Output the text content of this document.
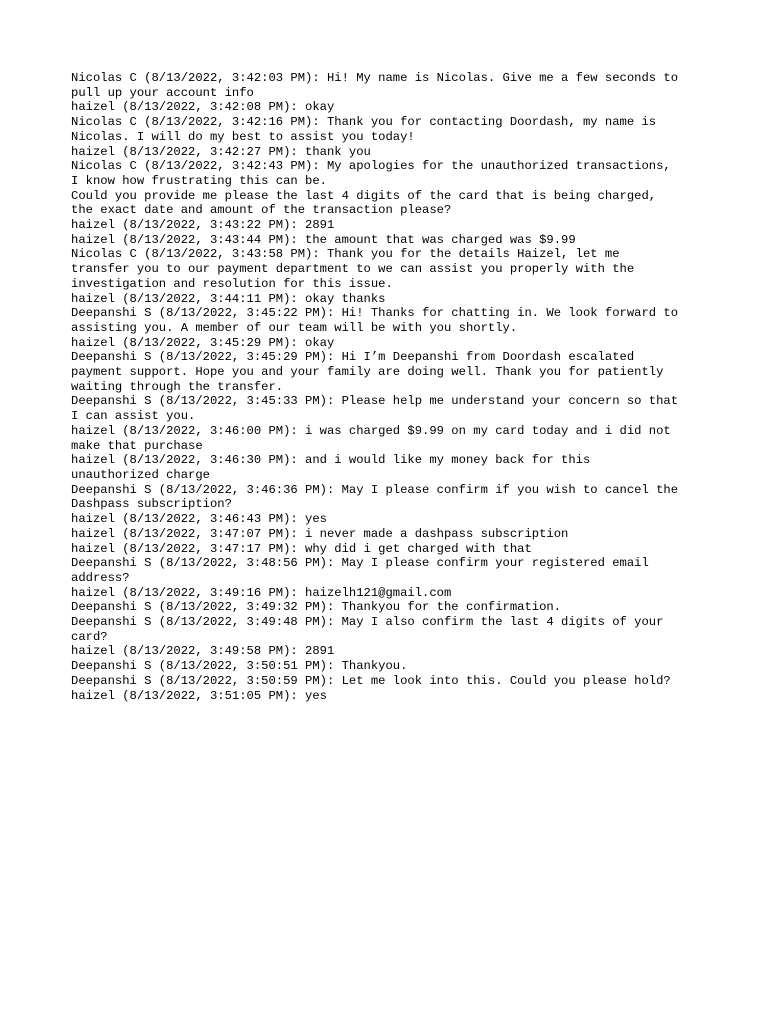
Nicolas C (8/13/2022, 3:42:03 PM): Hi! My name is Nicolas. Give me a few seconds to
pull up your account info

haizel (8/13/2022, 3:42:08 PM): okay

Nicolas C (8/13/2022, 3:42:16 PM): Thank you for contacting Doordash, my name is
Nicolas. I will do my best to assist you today!

haizel (8/13/2022, 3:42:27 PM): thank you

Nicolas C (8/13/2022, 3:42:43 PM): My apologies for the unauthorized transactions,
I know how frustrating this can be.
Could you provide me please the last 4 digits of the card that is being charged,
the exact date and amount of the transaction please?

haizel (8/13/2022, 3:43:22 PM): 2891

haizel (8/13/2022, 3:43:44 PM): the amount that was charged was $9.99

Nicolas C (8/13/2022, 3:43:58 PM): Thank you for the details Haizel, let me
transfer you to our payment department to we can assist you properly with the
investigation and resolution for this issue.

haizel (8/13/2022, 3:44:11 PM): okay thanks

Deepanshi S (8/13/2022, 3:45:22 PM): Hi! Thanks for chatting in. We look forward to
assisting you. A member of our team will be with you shortly.

haizel (8/13/2022, 3:45:29 PM): okay

Deepanshi S (8/13/2022, 3:45:29 PM): Hi I’m Deepanshi from Doordash escalated
payment support. Hope you and your family are doing well. Thank you for patiently
waiting through the transfer.

Deepanshi S (8/13/2022, 3:45:33 PM): Please help me understand your concern so that
I can assist you.

haizel (8/13/2022, 3:46:00 PM): i was charged $9.99 on my card today and i did not
make that purchase

haizel (8/13/2022, 3:46:30 PM): and i would like my money back for this
unauthorized charge

Deepanshi S (8/13/2022, 3:46:36 PM): May I please confirm if you wish to cancel the
Dashpass subscription?

haizel (8/13/2022, 3:46:43 PM): yes

haizel (8/13/2022, 3:47:07 PM): i never made a dashpass subscription

haizel (8/13/2022, 3:47:17 PM): why did i get charged with that

Deepanshi S (8/13/2022, 3:48:56 PM): May I please confirm your registered email
address?

haizel (8/13/2022, 3:49:16 PM): haizelh121@gmail.com

Deepanshi S (8/13/2022, 3:49:32 PM): Thankyou for the confirmation.

Deepanshi S (8/13/2022, 3:49:48 PM): May I also confirm the last 4 digits of your
card?

haizel (8/13/2022, 3:49:58 PM): 2891

Deepanshi S (8/13/2022, 3:50:51 PM): Thankyou.

Deepanshi S (8/13/2022, 3:50:59 PM): Let me look into this. Could you please hold?

haizel (8/13/2022, 3:51:05 PM): yes
